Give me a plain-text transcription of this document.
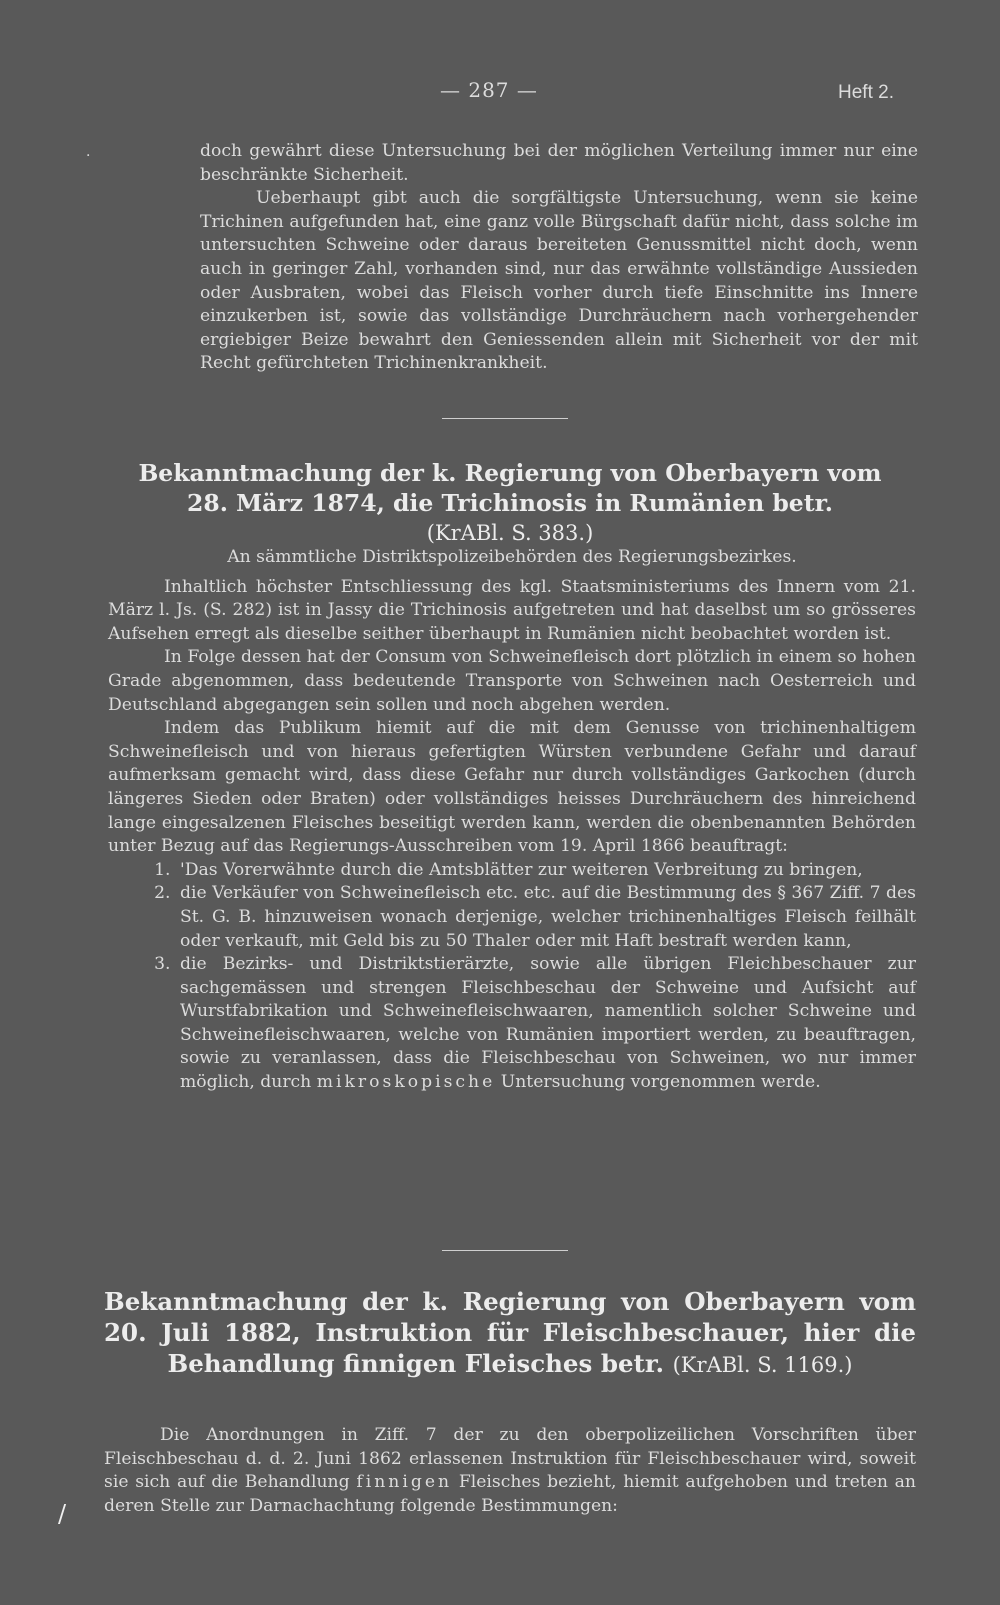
— 287 —	Heft 2.
·	doch gewährt diese Untersuchung bei der möglichen Verteilung immer nur eine beschränkte Sicherheit.

Ueberhaupt gibt auch die sorgfältigste Untersuchung, wenn sie keine Trichinen aufgefunden hat, eine ganz volle Bürgschaft dafür nicht, dass solche im untersuchten Schweine oder daraus bereiteten Genussmittel nicht doch, wenn auch in geringer Zahl, vorhanden sind, nur das erwähnte vollständige Aussieden oder Ausbraten, wobei das Fleisch vorher durch tiefe Einschnitte ins Innere einzukerben ist, sowie das vollständige Durchräuchern nach vorhergehender ergiebiger Beize bewahrt den Geniessenden allein mit Sicherheit vor der mit Recht gefürchteten Trichinenkrankheit.

Bekanntmachung der k. Regierung von Oberbayern vom
28. März 1874, die Trichinosis in Rumänien betr.
(KrABl. S. 383.)

An sämmtliche Distriktspolizeibehörden des Regierungsbezirkes.

Inhaltlich höchster Entschliessung des kgl. Staatsministeriums des Innern vom 21. März l. Js. (S. 282) ist in Jassy die Trichinosis aufgetreten und hat daselbst um so grösseres Aufsehen erregt als dieselbe seither überhaupt in Rumänien nicht beobachtet worden ist.

In Folge dessen hat der Consum von Schweinefleisch dort plötzlich in einem so hohen Grade abgenommen, dass bedeutende Transporte von Schweinen nach Oesterreich und Deutschland abgegangen sein sollen und noch abgehen werden.

Indem das Publikum hiemit auf die mit dem Genusse von trichinenhaltigem Schweinefleisch und von hieraus gefertigten Würsten verbundene Gefahr und darauf aufmerksam gemacht wird, dass diese Gefahr nur durch vollständiges Garkochen (durch längeres Sieden oder Braten) oder vollständiges heisses Durchräuchern des hinreichend lange eingesalzenen Fleisches beseitigt werden kann, werden die obenbenannten Behörden unter Bezug auf das Regierungs-Ausschreiben vom 19. April 1866 beauftragt:

1. 'Das Vorerwähnte durch die Amtsblätter zur weiteren Verbreitung zu bringen,
2. die Verkäufer von Schweinefleisch etc. etc. auf die Bestimmung des § 367 Ziff. 7 des St. G. B. hinzuweisen wonach derjenige, welcher trichinenhaltiges Fleisch feilhält oder verkauft, mit Geld bis zu 50 Thaler oder mit Haft bestraft werden kann,
3. die Bezirks- und Distriktstierärzte, sowie alle übrigen Fleichbeschauer zur sachgemässen und strengen Fleischbeschau der Schweine und Aufsicht auf Wurstfabrikation und Schweinefleischwaaren, namentlich solcher Schweine und Schweinefleischwaaren, welche von Rumänien importiert werden, zu beauftragen, sowie zu veranlassen, dass die Fleischbeschau von Schweinen, wo nur immer möglich, durch mikroskopische Untersuchung vorgenommen werde.
Bekanntmachung der k. Regierung von Oberbayern vom 20. Juli 1882, Instruktion für Fleischbeschauer, hier die Behandlung finnigen Fleisches betr. (KrABl. S. 1169.)

Die Anordnungen in Ziff. 7 der zu den oberpolizeilichen Vorschriften über Fleischbeschau d. d. 2. Juni 1862 erlassenen Instruktion für Fleischbeschauer wird, soweit sie sich auf die Behandlung finnigen Fleisches bezieht, hiemit aufgehoben und treten an deren Stelle zur Darnachachtung folgende Bestimmungen:

/
